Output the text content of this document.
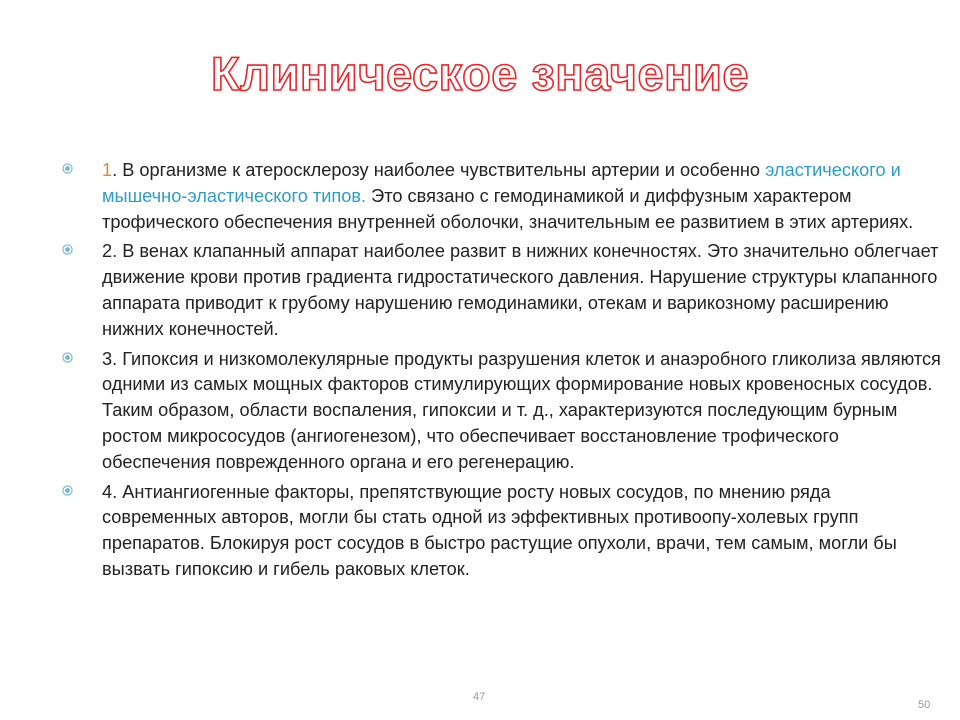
Клиническое значение
1. В организме к атеросклерозу наиболее чувствительны артерии и особенно эластического и мышечно-эластического типов. Это связано с гемодинамикой и диффузным характером трофического обеспечения внутренней оболочки, значительным ее развитием в этих артериях.
2. В венах клапанный аппарат наиболее развит в нижних конечностях. Это значительно облегчает движение крови против градиента гидростатического давления. Нарушение структуры клапанного аппарата приводит к грубому нарушению гемодинамики, отекам и варикозному расширению нижних конечностей.
3. Гипоксия и низкомолекулярные продукты разрушения клеток и анаэробного гликолиза являются одними из самых мощных факторов стимулирующих формирование новых кровеносных сосудов. Таким образом, области воспаления, гипоксии и т. д., характеризуются последующим бурным ростом микрососудов (ангиогенезом), что обеспечивает восстановление трофического обеспечения поврежденного органа и его регенерацию.
4. Антиангиогенные факторы, препятствующие росту новых сосудов, по мнению ряда современных авторов, могли бы стать одной из эффективных противоопу-холевых групп препаратов. Блокируя рост сосудов в быстро растущие опухоли, врачи, тем самым, могли бы вызвать гипоксию и гибель раковых клеток.
47
50
